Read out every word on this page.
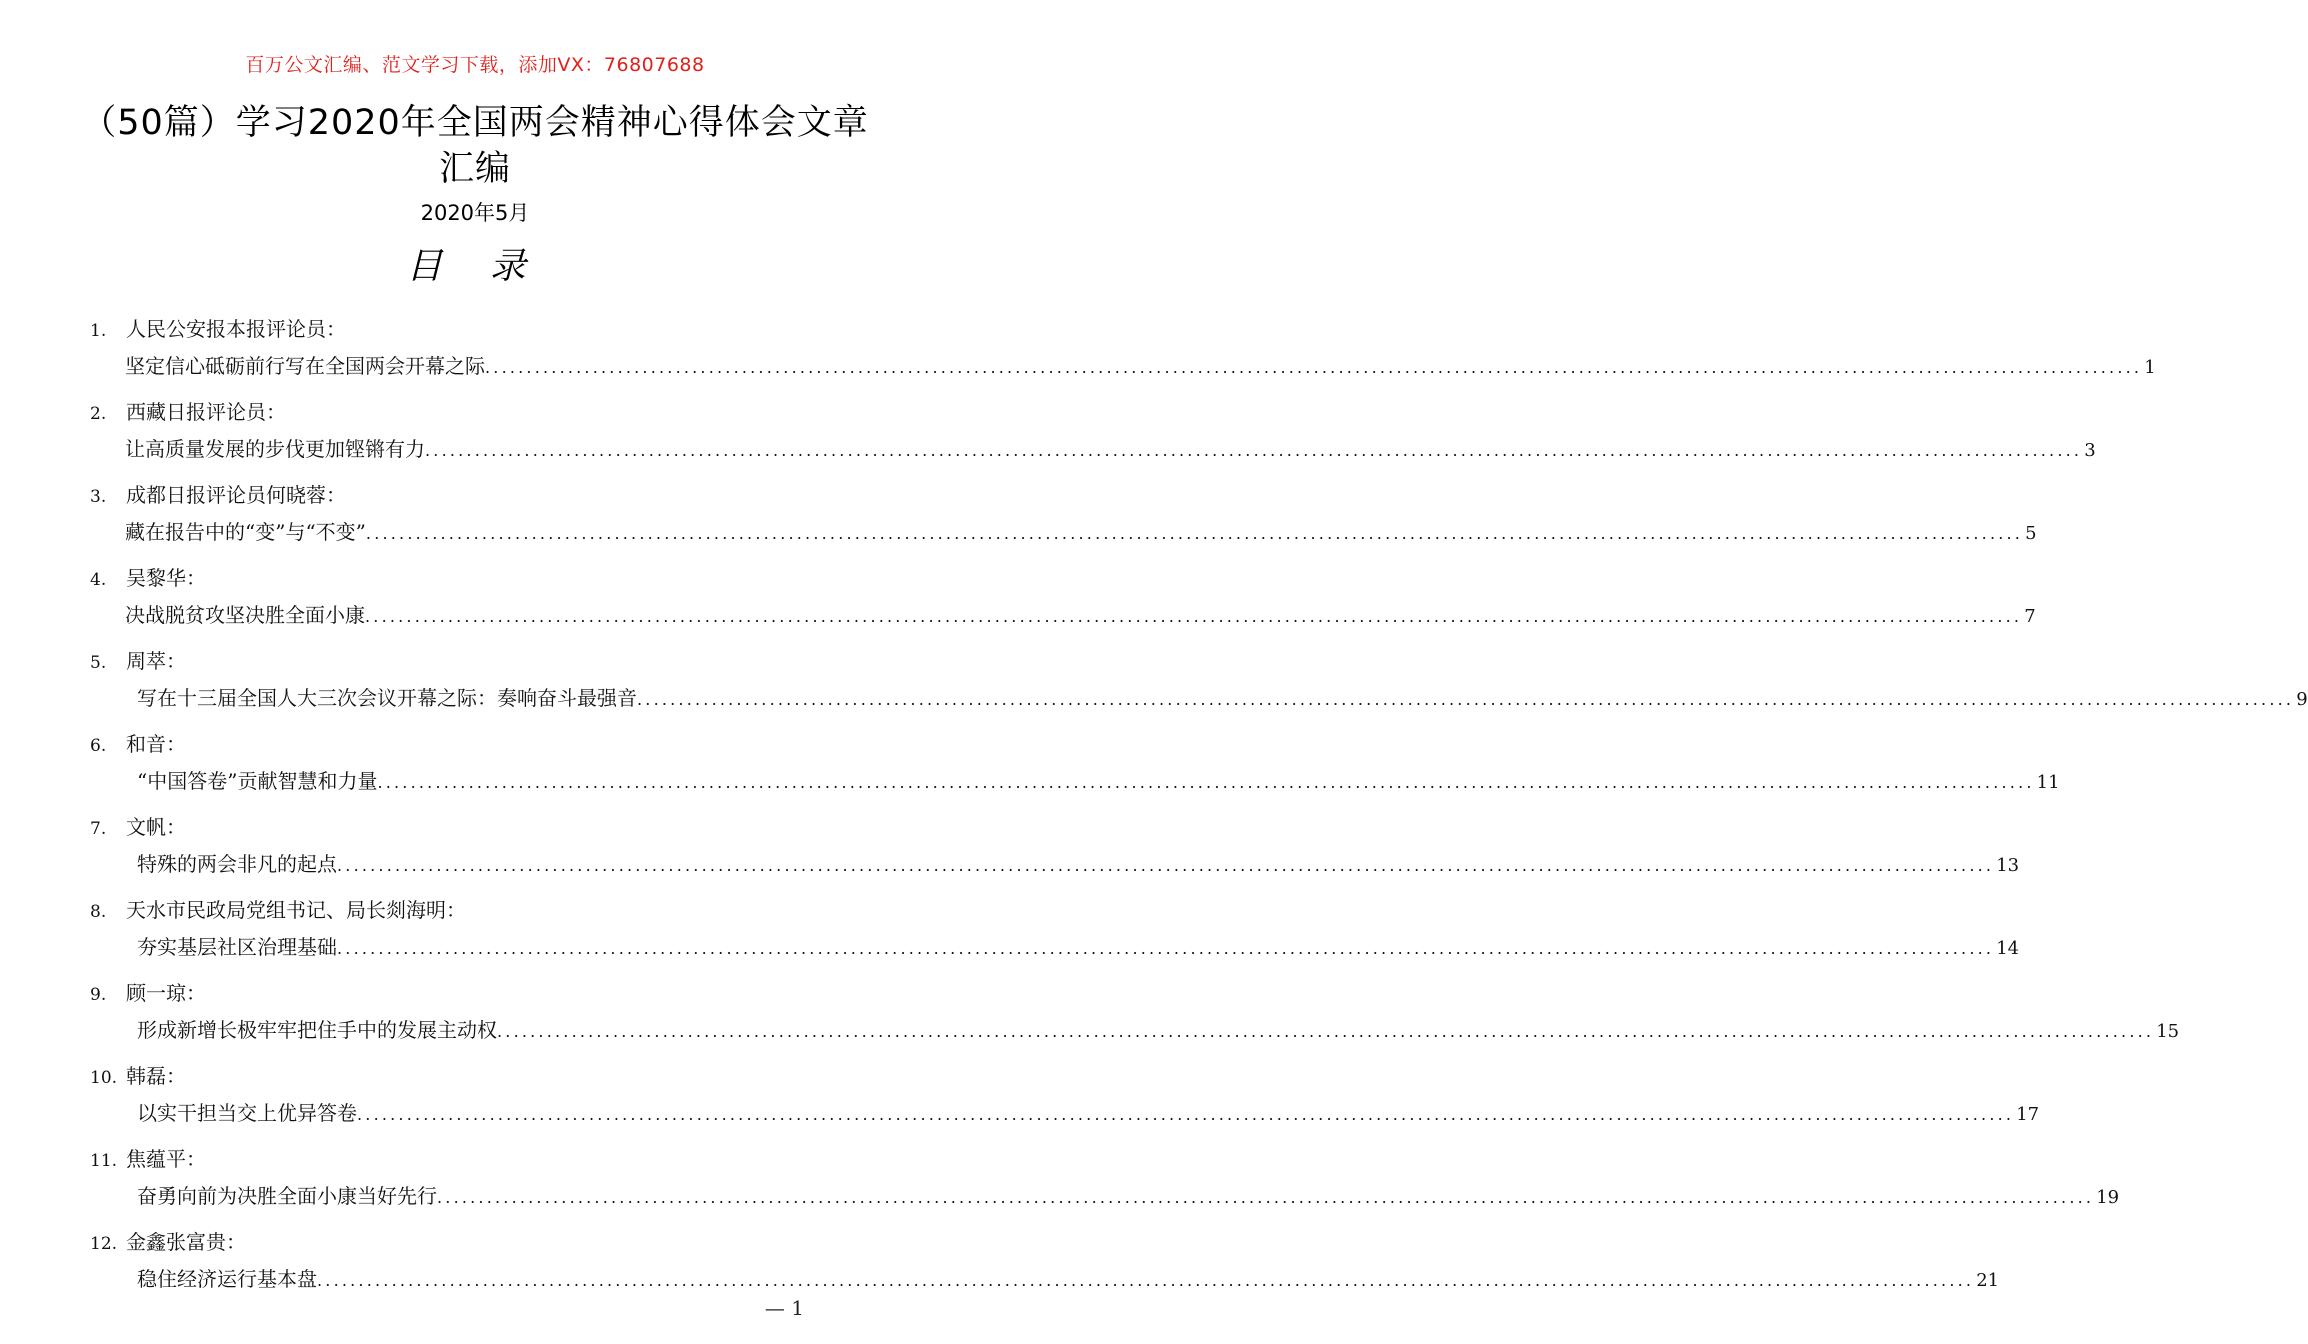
百万公文汇编、范文学习下载，添加VX：76807688
（50篇）学习2020年全国两会精神心得体会文章
汇编
2020年5月
目 录
1. 人民公安报本报评论员：
坚定信心砥砺前行写在全国两会开幕之际 ........................................................................................................................................................................................................ 1
2. 西藏日报评论员：
让高质量发展的步伐更加铿锵有力 ........................................................................................................................................................................................................ 3
3. 成都日报评论员何晓蓉：
藏在报告中的“变”与“不变” ........................................................................................................................................................................................................ 5
4. 吴黎华：
决战脱贫攻坚决胜全面小康 ........................................................................................................................................................................................................ 7
5. 周萃：
写在十三届全国人大三次会议开幕之际：奏响奋斗最强音 ........................................................................................................................................................................................................ 9
6. 和音：
“中国答卷”贡献智慧和力量 ........................................................................................................................................................................................................ 11
7. 文帆：
特殊的两会非凡的起点 ........................................................................................................................................................................................................ 13
8. 天水市民政局党组书记、局长剡海明：
夯实基层社区治理基础 ........................................................................................................................................................................................................ 14
9. 顾一琼：
形成新增长极牢牢把住手中的发展主动权 ........................................................................................................................................................................................................ 15
10. 韩磊：
以实干担当交上优异答卷 ........................................................................................................................................................................................................ 17
11. 焦蕴平：
奋勇向前为决胜全面小康当好先行 ........................................................................................................................................................................................................ 19
12. 金鑫张富贵：
稳住经济运行基本盘 ........................................................................................................................................................................................................ 21
— 1
